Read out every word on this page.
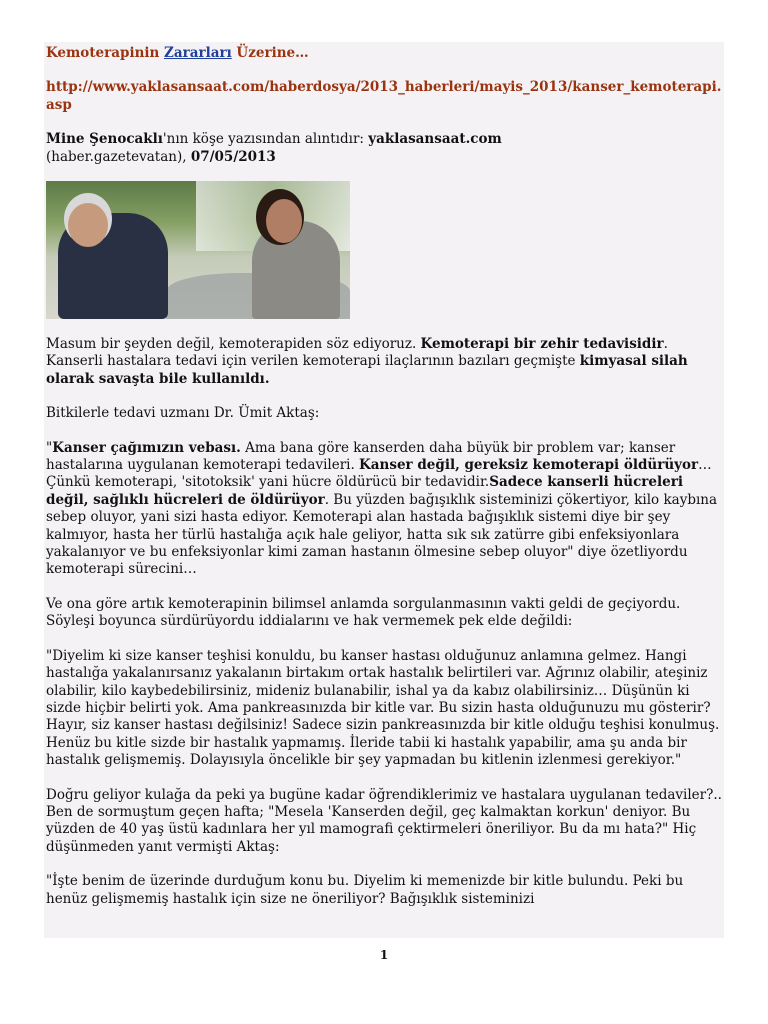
Kemoterapinin Zararları Üzerine…
http://www.yaklasansaat.com/haberdosya/2013_haberleri/mayis_2013/kanser_kemoterapi.asp
Mine Şenocaklı'nın köşe yazısından alıntıdır: yaklasansaat.com
(haber.gazetevatan), 07/05/2013
Masum bir şeyden değil, kemoterapiden söz ediyoruz. Kemoterapi bir zehir tedavisidir. Kanserli hastalara tedavi için verilen kemoterapi ilaçlarının bazıları geçmişte kimyasal silah olarak savaşta bile kullanıldı.
Bitkilerle tedavi uzmanı Dr. Ümit Aktaş:
"Kanser çağımızın vebası. Ama bana göre kanserden daha büyük bir problem var; kanser hastalarına uygulanan kemoterapi tedavileri. Kanser değil, gereksiz kemoterapi öldürüyor… Çünkü kemoterapi, 'sitotoksik' yani hücre öldürücü bir tedavidir.Sadece kanserli hücreleri değil, sağlıklı hücreleri de öldürüyor. Bu yüzden bağışıklık sisteminizi çökertiyor, kilo kaybına sebep oluyor, yani sizi hasta ediyor. Kemoterapi alan hastada bağışıklık sistemi diye bir şey kalmıyor, hasta her türlü hastalığa açık hale geliyor, hatta sık sık zatürre gibi enfeksiyonlara yakalanıyor ve bu enfeksiyonlar kimi zaman hastanın ölmesine sebep oluyor" diye özetliyordu kemoterapi sürecini…
Ve ona göre artık kemoterapinin bilimsel anlamda sorgulanmasının vakti geldi de geçiyordu. Söyleşi boyunca sürdürüyordu iddialarını ve hak vermemek pek elde değildi:
"Diyelim ki size kanser teşhisi konuldu, bu kanser hastası olduğunuz anlamına gelmez. Hangi hastalığa yakalanırsanız yakalanın birtakım ortak hastalık belirtileri var. Ağrınız olabilir, ateşiniz olabilir, kilo kaybedebilirsiniz, mideniz bulanabilir, ishal ya da kabız olabilirsiniz… Düşünün ki sizde hiçbir belirti yok. Ama pankreasınızda bir kitle var. Bu sizin hasta olduğunuzu mu gösterir? Hayır, siz kanser hastası değilsiniz! Sadece sizin pankreasınızda bir kitle olduğu teşhisi konulmuş. Henüz bu kitle sizde bir hastalık yapmamış. İleride tabii ki hastalık yapabilir, ama şu anda bir hastalık gelişmemiş. Dolayısıyla öncelikle bir şey yapmadan bu kitlenin izlenmesi gerekiyor."
Doğru geliyor kulağa da peki ya bugüne kadar öğrendiklerimiz ve hastalara uygulanan tedaviler?.. Ben de sormuştum geçen hafta; "Mesela 'Kanserden değil, geç kalmaktan korkun' deniyor. Bu yüzden de 40 yaş üstü kadınlara her yıl mamografi çektirmeleri öneriliyor. Bu da mı hata?" Hiç düşünmeden yanıt vermişti Aktaş:
"İşte benim de üzerinde durduğum konu bu. Diyelim ki memenizde bir kitle bulundu. Peki bu henüz gelişmemiş hastalık için size ne öneriliyor? Bağışıklık sisteminizi
1
